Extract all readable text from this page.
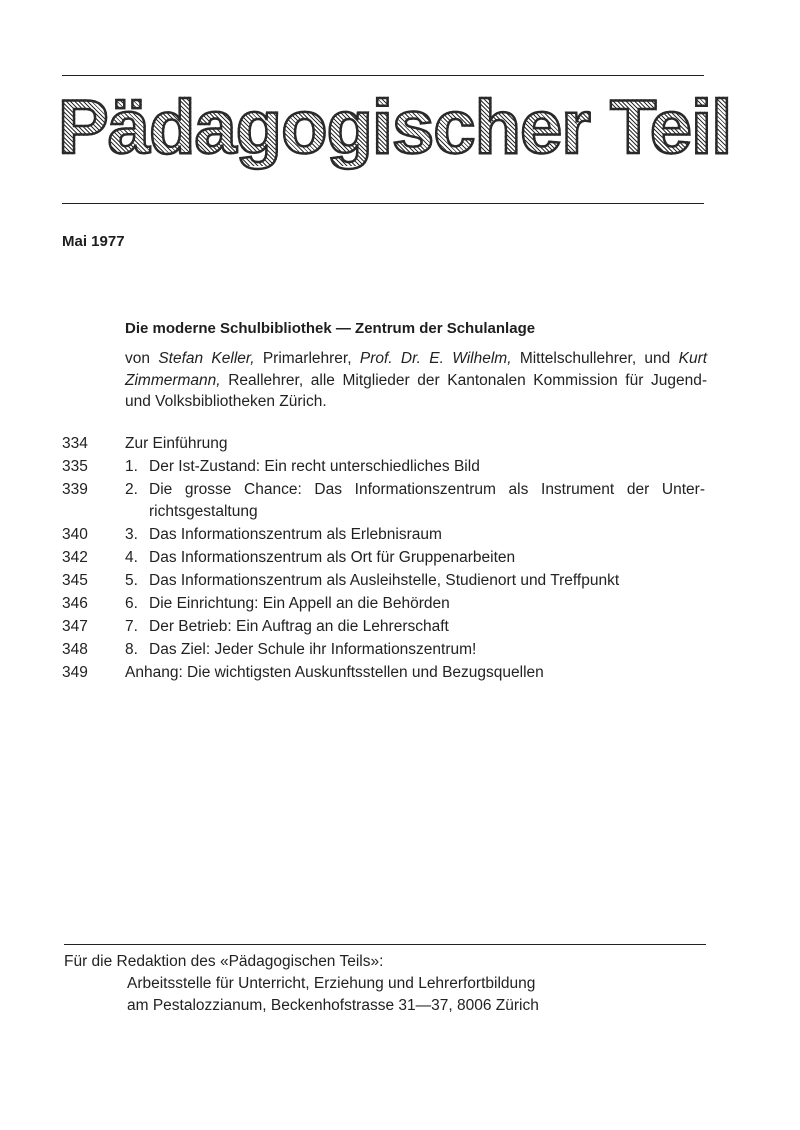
Pädagogischer Teil
Mai 1977
Die moderne Schulbibliothek — Zentrum der Schulanlage
von Stefan Keller, Primarlehrer, Prof. Dr. E. Wilhelm, Mittelschullehrer, und Kurt Zimmermann, Reallehrer, alle Mitglieder der Kantonalen Kommission für Jugend- und Volksbibliotheken Zürich.
334 Zur Einführung
335 1. Der Ist-Zustand: Ein recht unterschiedliches Bild
339 2. Die grosse Chance: Das Informationszentrum als Instrument der Unterrichtsgestaltung
340 3. Das Informationszentrum als Erlebnisraum
342 4. Das Informationszentrum als Ort für Gruppenarbeiten
345 5. Das Informationszentrum als Ausleihstelle, Studienort und Treffpunkt
346 6. Die Einrichtung: Ein Appell an die Behörden
347 7. Der Betrieb: Ein Auftrag an die Lehrerschaft
348 8. Das Ziel: Jeder Schule ihr Informationszentrum!
349 Anhang: Die wichtigsten Auskunftsstellen und Bezugsquellen
Für die Redaktion des «Pädagogischen Teils»:
Arbeitsstelle für Unterricht, Erziehung und Lehrerfortbildung
am Pestalozzianum, Beckenhofstrasse 31—37, 8006 Zürich
